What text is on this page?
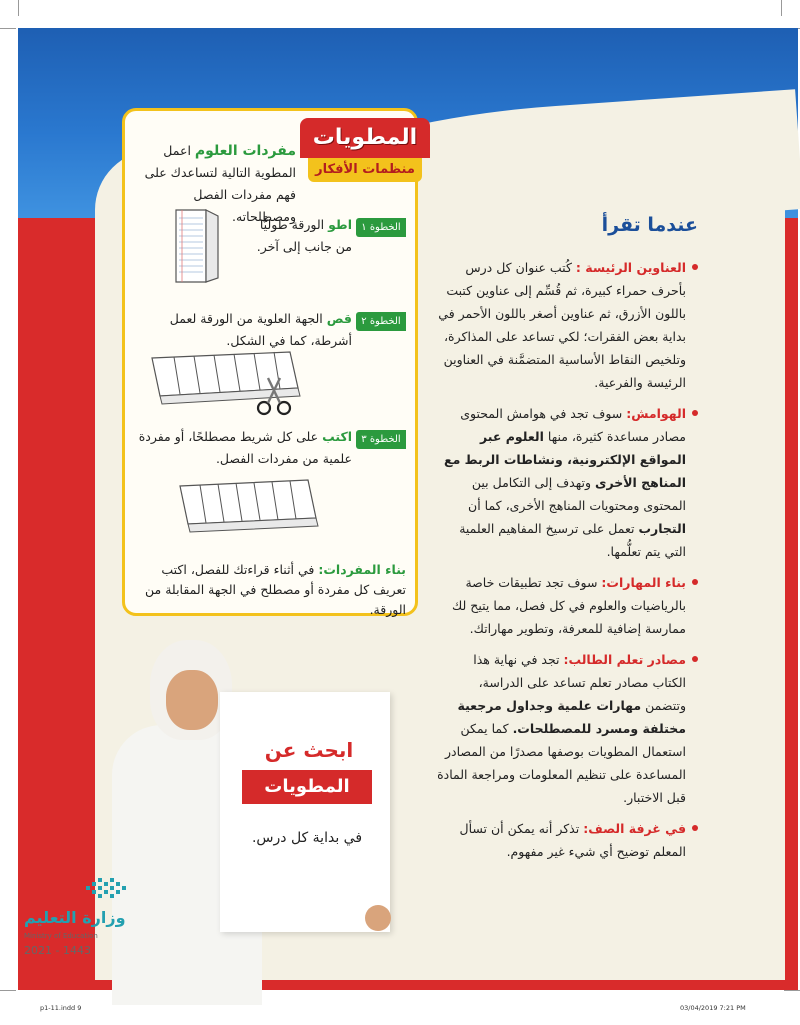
المطويات
منظمات الأفكار
مفردات العلوم اعمل المطوية التالية لتساعدك على فهم مفردات الفصل ومصطلحاته.
الخطوة ١
اطو الورقة طوليًّا من جانب إلى آخر.
الخطوة ٢
قص الجهة العلوية من الورقة لعمل أشرطة، كما في الشكل.
الخطوة ٣
اكتب على كل شريط مصطلحًا، أو مفردة علمية من مفردات الفصل.
بناء المفردات: في أثناء قراءتك للفصل، اكتب تعريف كل مفردة أو مصطلح في الجهة المقابلة من الورقة.
عندما تقرأ
العناوين الرئيسة : كُتب عنوان كل درس بأحرف حمراء كبيرة، ثم قُسِّم إلى عناوين كتبت باللون الأزرق، ثم عناوين أصغر باللون الأحمر في بداية بعض الفقرات؛ لكي تساعد على المذاكرة، وتلخيص النقاط الأساسية المتضمَّنة في العناوين الرئيسة والفرعية.
الهوامش: سوف تجد في هوامش المحتوى مصادر مساعدة كثيرة، منها العلوم عبر المواقع الإلكترونية، ونشاطات الربط مع المناهج الأخرى وتهدف إلى التكامل بين المحتوى ومحتويات المناهج الأخرى، كما أن التجارب تعمل على ترسيخ المفاهيم العلمية التي يتم تعلُّمها.
بناء المهارات: سوف تجد تطبيقات خاصة بالرياضيات والعلوم في كل فصل، مما يتيح لك ممارسة إضافية للمعرفة، وتطوير مهاراتك.
مصادر تعلم الطالب: تجد في نهاية هذا الكتاب مصادر تعلم تساعد على الدراسة، وتتضمن مهارات علمية وجداول مرجعية مختلفة ومسرد للمصطلحات. كما يمكن استعمال المطويات بوصفها مصدرًا من المصادر المساعدة على تنظيم المعلومات ومراجعة المادة قبل الاختبار.
في غرفة الصف: تذكر أنه يمكن أن تسأل المعلم توضيح أي شيء غير مفهوم.
ابحث عن
المطويات
في بداية كل درس.
وزارة التعليم
Ministry of Education
2021 - 1443
p1-11.indd 9	03/04/2019 7:21 PM
